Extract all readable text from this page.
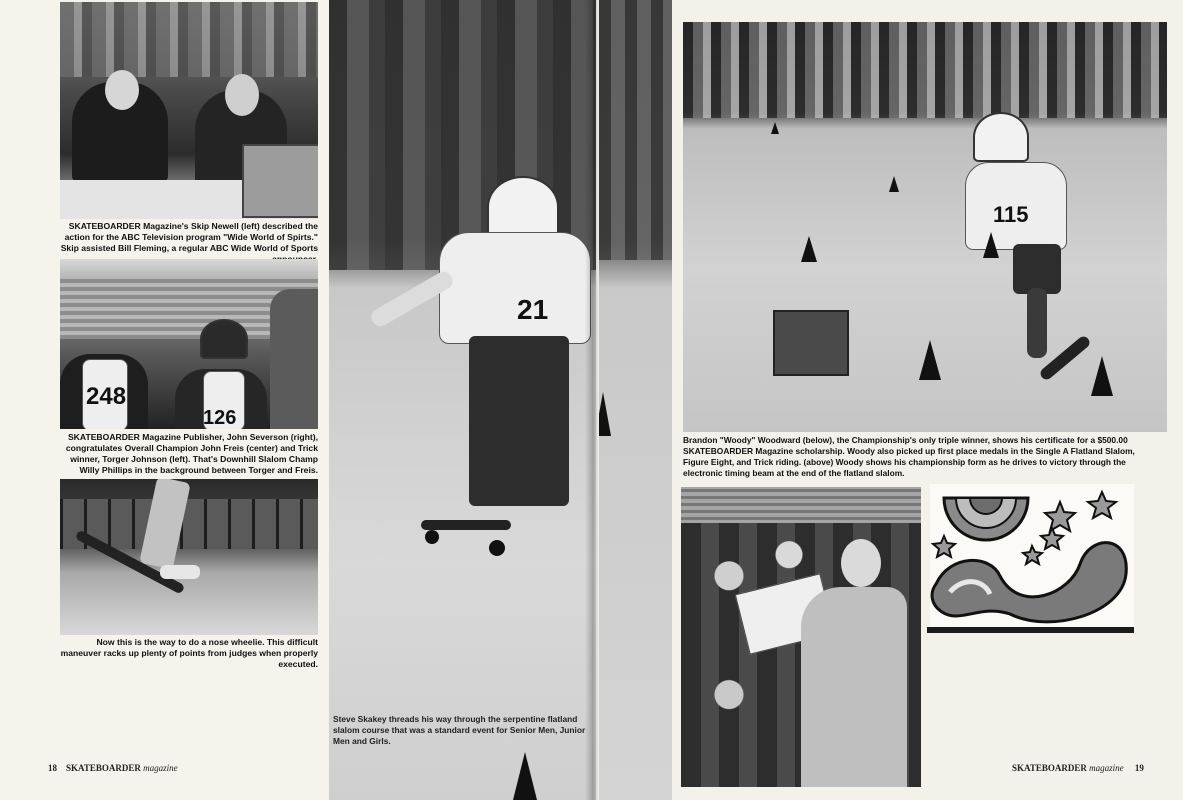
SKATEBOARDER Magazine's Skip Newell (left) described the action for the ABC Television program "Wide World of Spirts." Skip assisted Bill Fleming, a regular ABC Wide World of Sports
248
126
SKATEBOARDER Magazine Publisher, John Severson (right), congratulates Overall Champion John Freis (center) and Trick winner, Torger Johnson (left). That's Downhill Slalom Champ Willy Phillips in the background between Torger and Freis.
Now this is the way to do a nose wheelie. This difficult maneuver racks up plenty of points from judges when properly executed.
18 SKATEBOARDER magazine
21
Steve Skakey threads his way through the serpentine flatland slalom course that was a standard event for Senior Men, Junior Men and Girls.
115
Brandon "Woody" Woodward (below), the Championship's only triple winner, shows his certificate for a $500.00 SKATEBOARDER Magazine scholarship. Woody also picked up first place medals in the Single A Flatland Slalom, Figure Eight, and Trick riding. (above) Woody shows his championship form as he drives to victory through the electronic timing beam at the end of the flatland slalom.
SKATEBOARDER magazine 19
